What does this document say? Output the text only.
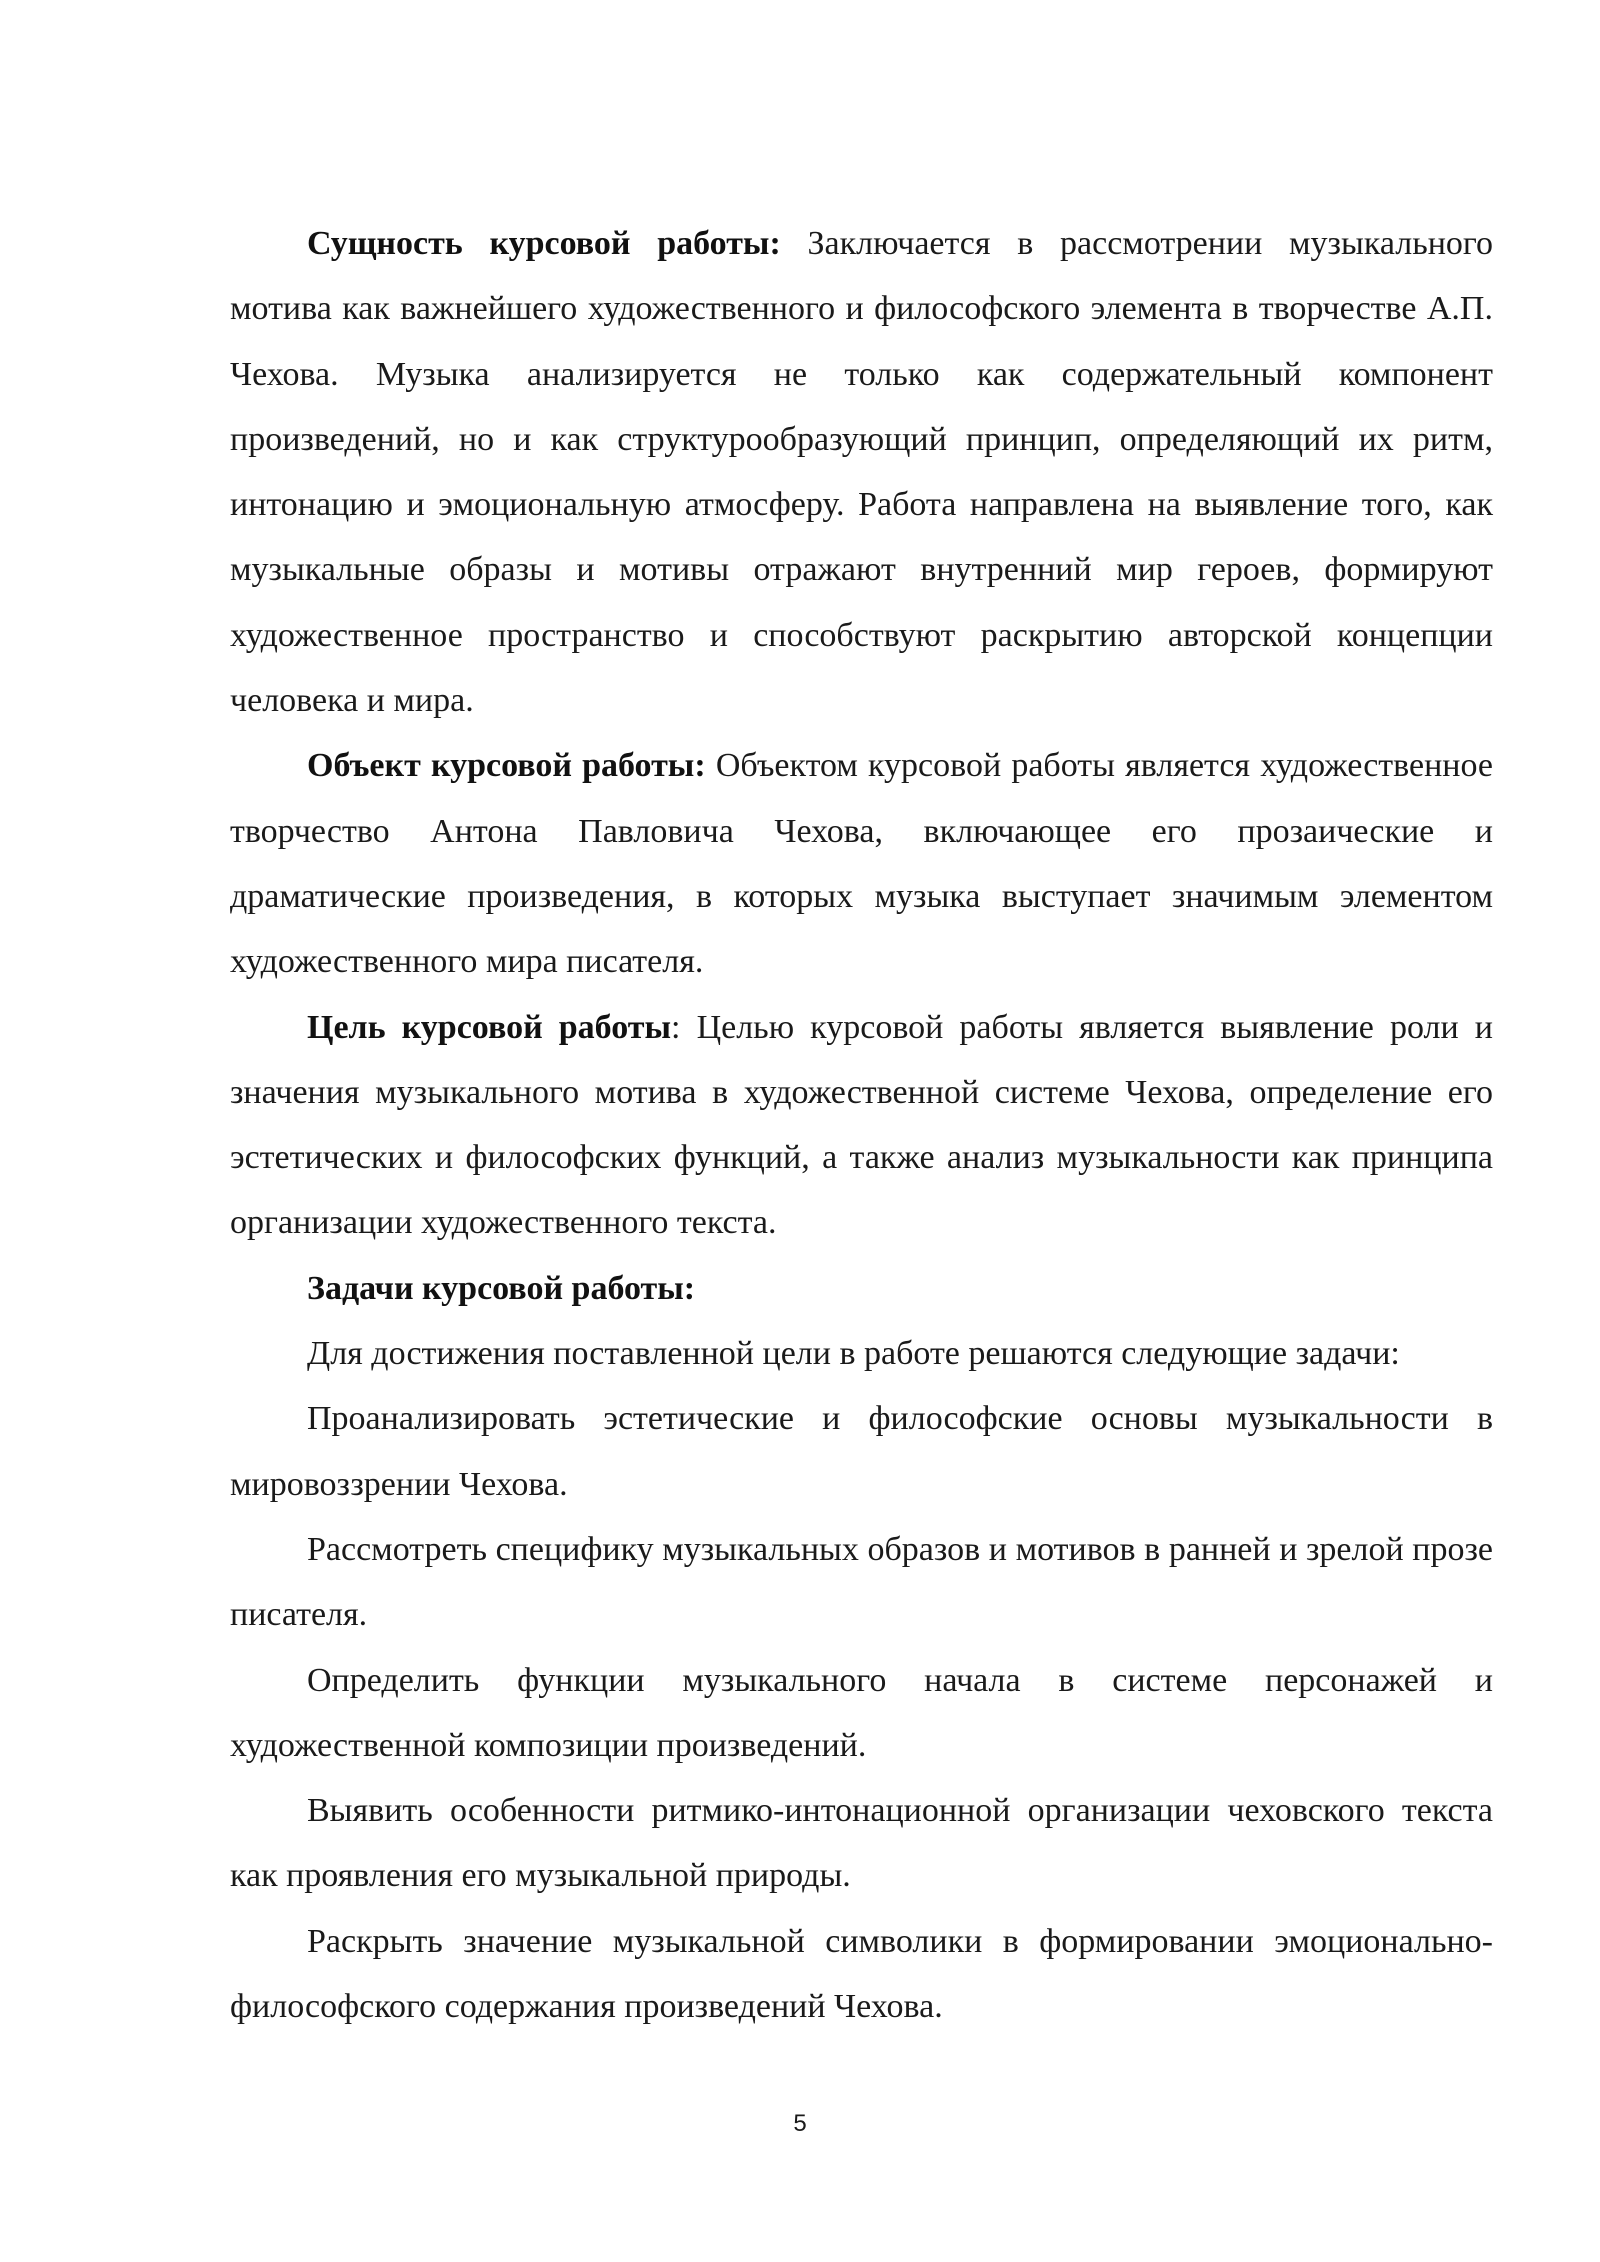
Сущность курсовой работы: Заключается в рассмотрении музыкального мотива как важнейшего художественного и философского элемента в творчестве А.П. Чехова. Музыка анализируется не только как содержательный компонент произведений, но и как структурообразующий принцип, определяющий их ритм, интонацию и эмоциональную атмосферу. Работа направлена на выявление того, как музыкальные образы и мотивы отражают внутренний мир героев, формируют художественное пространство и способствуют раскрытию авторской концепции человека и мира.

Объект курсовой работы: Объектом курсовой работы является художественное творчество Антона Павловича Чехова, включающее его прозаические и драматические произведения, в которых музыка выступает значимым элементом художественного мира писателя.

Цель курсовой работы: Целью курсовой работы является выявление роли и значения музыкального мотива в художественной системе Чехова, определение его эстетических и философских функций, а также анализ музыкальности как принципа организации художественного текста.

Задачи курсовой работы:

Для достижения поставленной цели в работе решаются следующие задачи:

Проанализировать эстетические и философские основы музыкальности в мировоззрении Чехова.

Рассмотреть специфику музыкальных образов и мотивов в ранней и зрелой прозе писателя.

Определить функции музыкального начала в системе персонажей и художественной композиции произведений.

Выявить особенности ритмико-интонационной организации чеховского текста как проявления его музыкальной природы.

Раскрыть значение музыкальной символики в формировании эмоционально-философского содержания произведений Чехова.

5
